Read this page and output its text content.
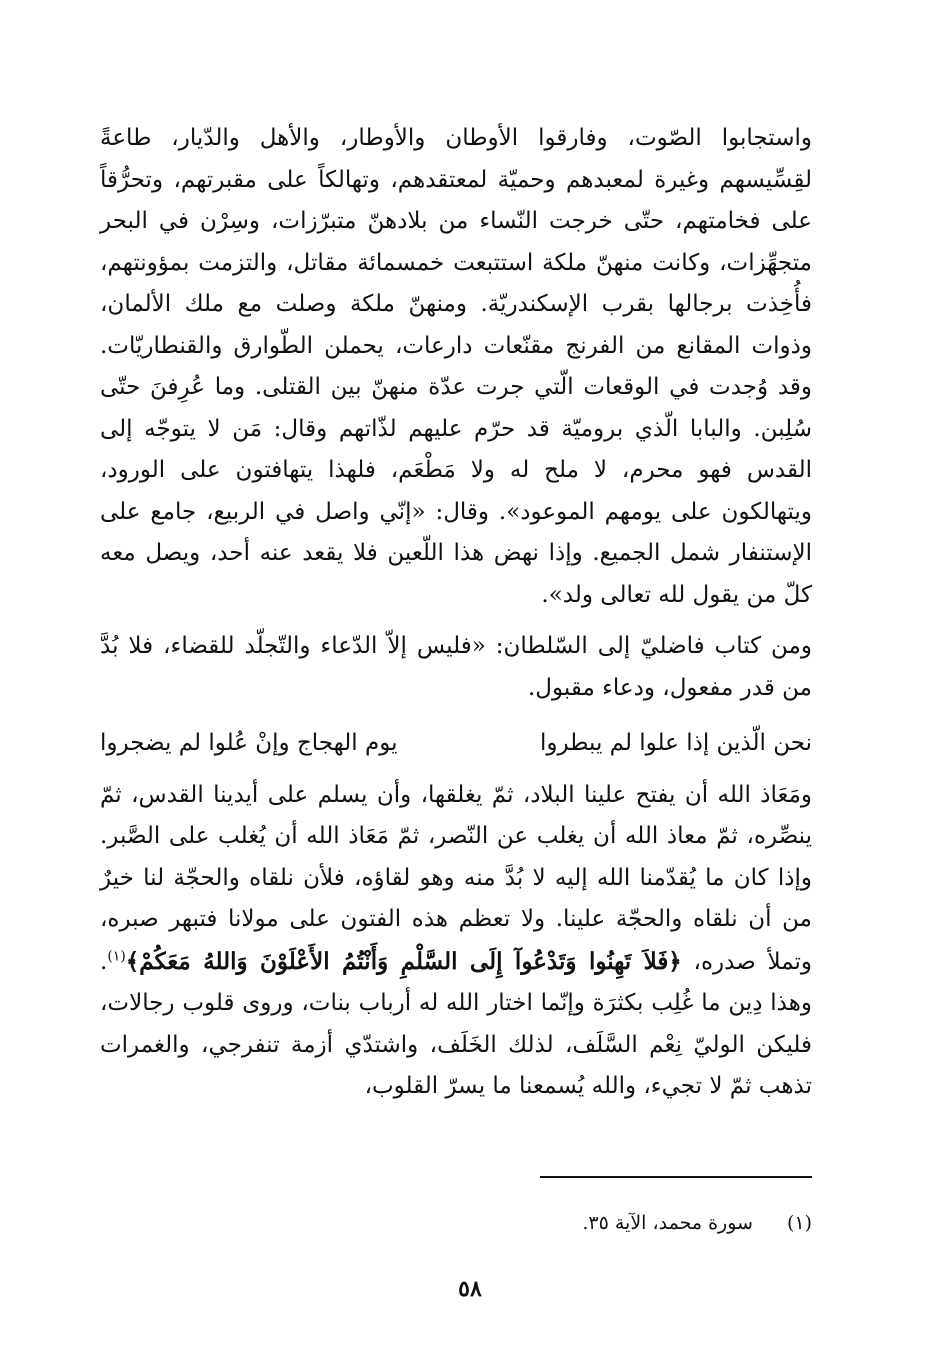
واستجابوا الصّوت، وفارقوا الأوطان والأوطار، والأهل والدّيار، طاعةً لقِسِّيسهم وغيرة لمعبدهم وحميّة لمعتقدهم، وتهالكاً على مقبرتهم، وتحرُّقاً على فخامتهم، حتّى خرجت النّساء من بلادهنّ متبرّزات، وسِرْن في البحر متجهِّزات، وكانت منهنّ ملكة استتبعت خمسمائة مقاتل، والتزمت بمؤونتهم، فأُخِذت برجالها بقرب الإسكندريّة. ومنهنّ ملكة وصلت مع ملك الألمان، وذوات المقانع من الفرنج مقنّعات دارعات، يحملن الطّوارق والقنطاريّات. وقد وُجدت في الوقعات الّتي جرت عدّة منهنّ بين القتلى. وما عُرِفنَ حتّى سُلِبن. والبابا الّذي بروميّة قد حرّم عليهم لذّاتهم وقال: مَن لا يتوجّه إلى القدس فهو محرم، لا ملح له ولا مَطْعَم، فلهذا يتهافتون على الورود، ويتهالكون على يومهم الموعود». وقال: «إنّي واصل في الربيع، جامع على الإستنفار شمل الجميع. وإذا نهض هذا اللّعين فلا يقعد عنه أحد، ويصل معه كلّ من يقول لله تعالى ولد».

ومن كتاب فاضليّ إلى السّلطان: «فليس إلاّ الدّعاء والتّجلّد للقضاء، فلا بُدَّ من قدر مفعول، ودعاء مقبول.

نحن الّذين إذا علوا لم يبطروا
يوم الهجاج وإنْ عُلوا لم يضجروا

ومَعَاذ الله أن يفتح علينا البلاد، ثمّ يغلقها، وأن يسلم على أيدينا القدس، ثمّ ينصِّره، ثمّ معاذ الله أن يغلب عن النّصر، ثمّ مَعَاذ الله أن يُغلب على الصَّبر. وإذا كان ما يُقدّمنا الله إليه لا بُدَّ منه وهو لقاؤه، فلأن نلقاه والحجّة لنا خيرٌ من أن نلقاه والحجّة علينا. ولا تعظم هذه الفتون على مولانا فتبهر صبره، وتملأ صدره، ﴿فَلاَ تَهِنُوا وَتَدْعُوآ إِلَى السَّلْمِ وَأَنْتُمُ الأَعْلَوْنَ وَاللهُ مَعَكُمْ﴾$^{(١)}$. وهذا دِين ما غُلِب بكثرَة وإنّما اختار الله له أرباب بنات، وروى قلوب رجالات، فليكن الوليّ نِعْم السَّلَف، لذلك الخَلَف، واشتدّي أزمة تنفرجي، والغمرات تذهب ثمّ لا تجيء، والله يُسمعنا ما يسرّ القلوب،

(١)سورة محمد، الآية ٣٥.
٥٨
